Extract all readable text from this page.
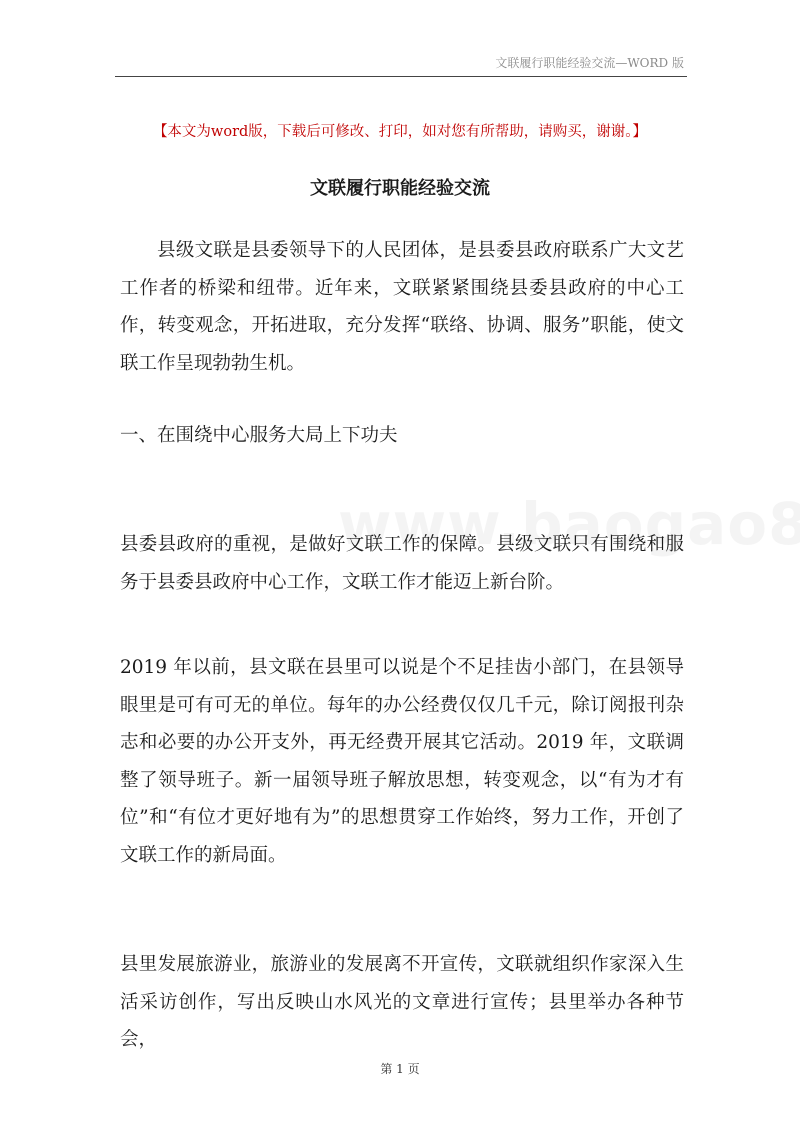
文联履行职能经验交流—WORD 版
【本文为word版，下载后可修改、打印，如对您有所帮助，请购买，谢谢。】
文联履行职能经验交流

县级文联是县委领导下的人民团体，是县委县政府联系广大文艺工作者的桥梁和纽带。近年来，文联紧紧围绕县委县政府的中心工作，转变观念，开拓进取，充分发挥“联络、协调、服务”职能，使文联工作呈现勃勃生机。

一、在围绕中心服务大局上下功夫

县委县政府的重视，是做好文联工作的保障。县级文联只有围绕和服务于县委县政府中心工作，文联工作才能迈上新台阶。

2019 年以前，县文联在县里可以说是个不足挂齿小部门，在县领导眼里是可有可无的单位。每年的办公经费仅仅几千元，除订阅报刊杂志和必要的办公开支外，再无经费开展其它活动。2019 年，文联调整了领导班子。新一届领导班子解放思想，转变观念，以“有为才有位”和“有位才更好地有为”的思想贯穿工作始终，努力工作，开创了文联工作的新局面。

县里发展旅游业，旅游业的发展离不开宣传，文联就组织作家深入生活采访创作，写出反映山水风光的文章进行宣传；县里举办各种节会，

第 1 页
